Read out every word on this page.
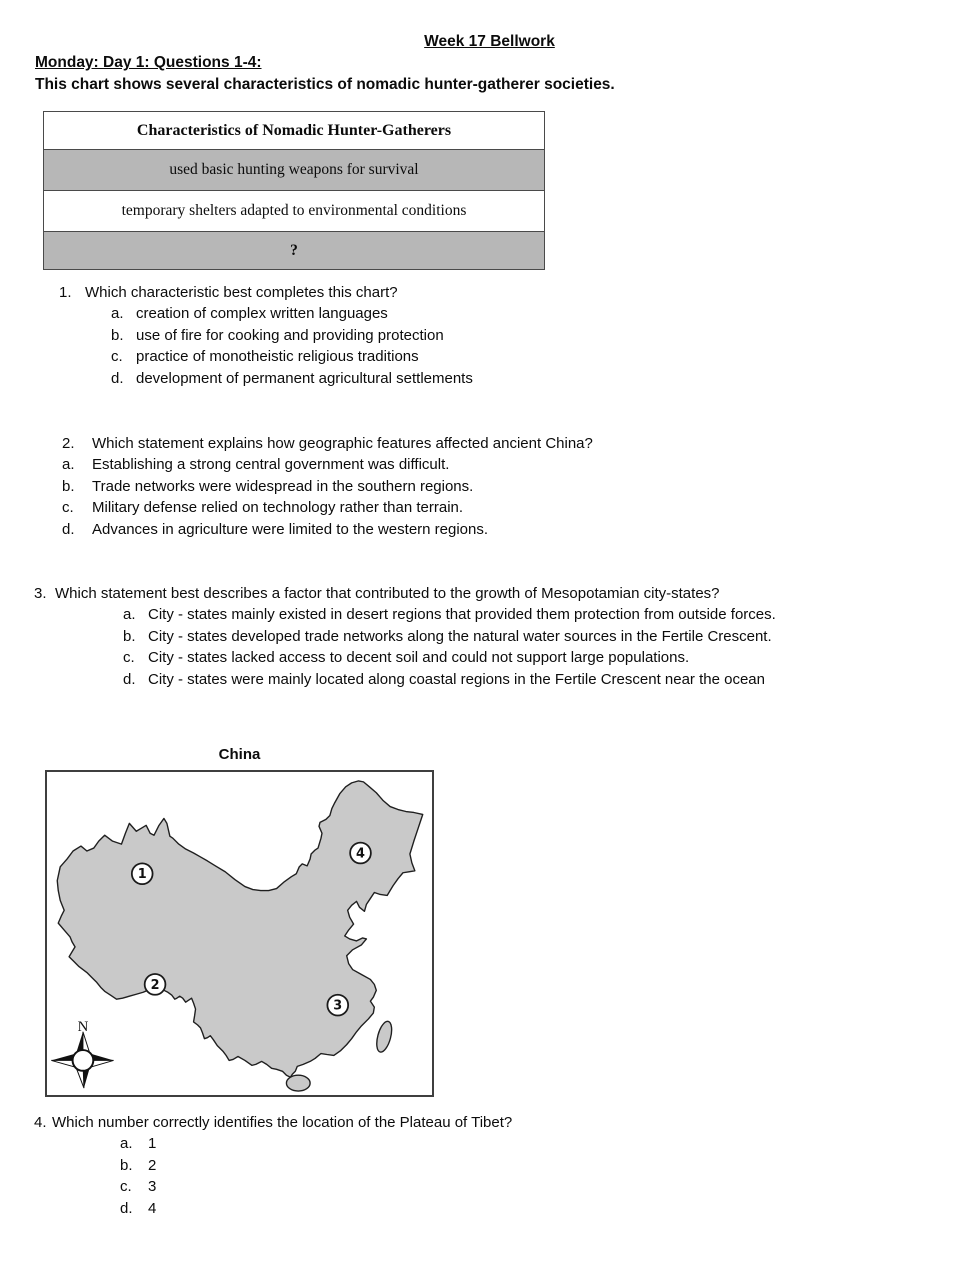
Week 17 Bellwork
Monday: Day 1: Questions 1-4:
This chart shows several characteristics of nomadic hunter-gatherer societies.
Characteristics of Nomadic Hunter-Gatherers
used basic hunting weapons for survival
temporary shelters adapted to environmental conditions
?
1. Which characteristic best completes this chart?
a. creation of complex written languages
b. use of fire for cooking and providing protection
c. practice of monotheistic religious traditions
d. development of permanent agricultural settlements
2. Which statement explains how geographic features affected ancient China?
a. Establishing a strong central government was difficult.
b. Trade networks were widespread in the southern regions.
c. Military defense relied on technology rather than terrain.
d. Advances in agriculture were limited to the western regions.
3. Which statement best describes a factor that contributed to the growth of Mesopotamian city-states?
a. City - states mainly existed in desert regions that provided them protection from outside forces.
b. City - states developed trade networks along the natural water sources in the Fertile Crescent.
c. City - states lacked access to decent soil and could not support large populations.
d. City - states were mainly located along coastal regions in the Fertile Crescent near the ocean
China
N
1
2
3
4
4. Which number correctly identifies the location of the Plateau of Tibet?
a. 1
b. 2
c. 3
d. 4
